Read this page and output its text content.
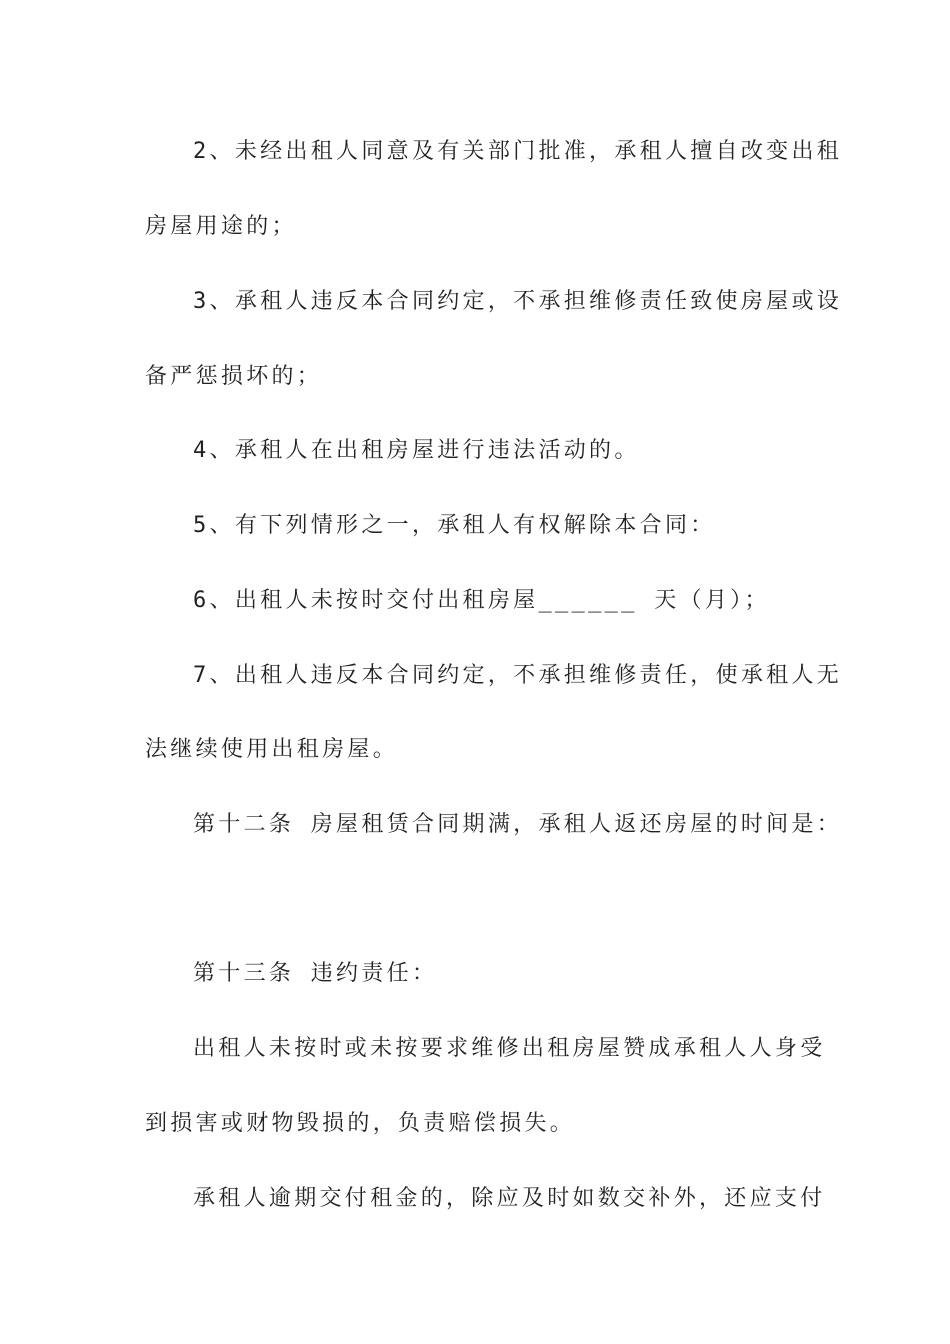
2、未经出租人同意及有关部门批准，承租人擅自改变出租
房屋用途的；
3、承租人违反本合同约定，不承担维修责任致使房屋或设
备严惩损坏的；
4、承租人在出租房屋进行违法活动的。
5、有下列情形之一，承租人有权解除本合同：
6、出租人未按时交付出租房屋______ 天（月）；
7、出租人违反本合同约定，不承担维修责任，使承租人无
法继续使用出租房屋。
第十二条 房屋租赁合同期满，承租人返还房屋的时间是：
第十三条 违约责任：
出租人未按时或未按要求维修出租房屋赞成承租人人身受
到损害或财物毁损的，负责赔偿损失。
承租人逾期交付租金的，除应及时如数交补外，还应支付
